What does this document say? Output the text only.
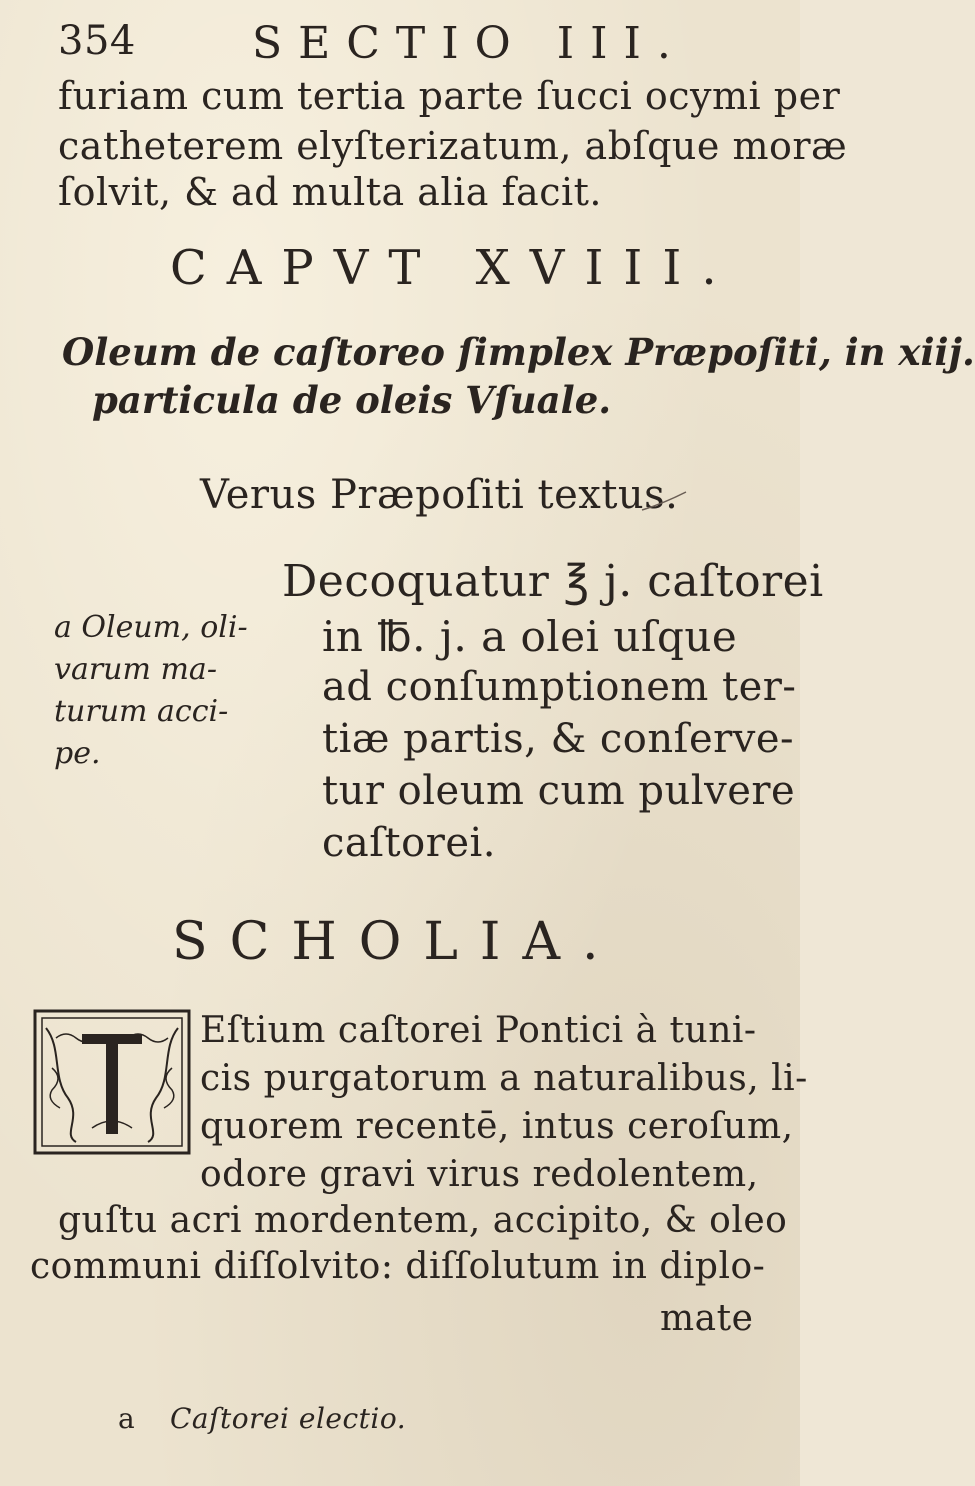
354	SECTIO III.
furiam cum tertia parte ſucci ocymi per
catheterem elyſterizatum, abſque moræ
ſolvit, & ad multa alia facit.
CAPVT XVIII.
Oleum de caſtoreo ſimplex Præpoſiti, in xiij.
particula de oleis Vſuale.
Verus Præpoſiti textus.
a Oleum, oli-
varum ma-
turum acci-
pe.
Decoquatur ℥ j. caſtorei
in ℔. j. a olei uſque
ad conſumptionem ter-
tiæ partis, & conſerve-
tur oleum cum pulvere
caſtorei.
SCHOLIA.
Eſtium caſtorei Pontici à tuni-
cis purgatorum a naturalibus, li-
quorem recentē, intus ceroſum,
odore gravi virus redolentem,
guſtu acri mordentem, accipito, & oleo
communi diſſolvito: diſſolutum in diplo-
mate
a Caſtorei electio.
